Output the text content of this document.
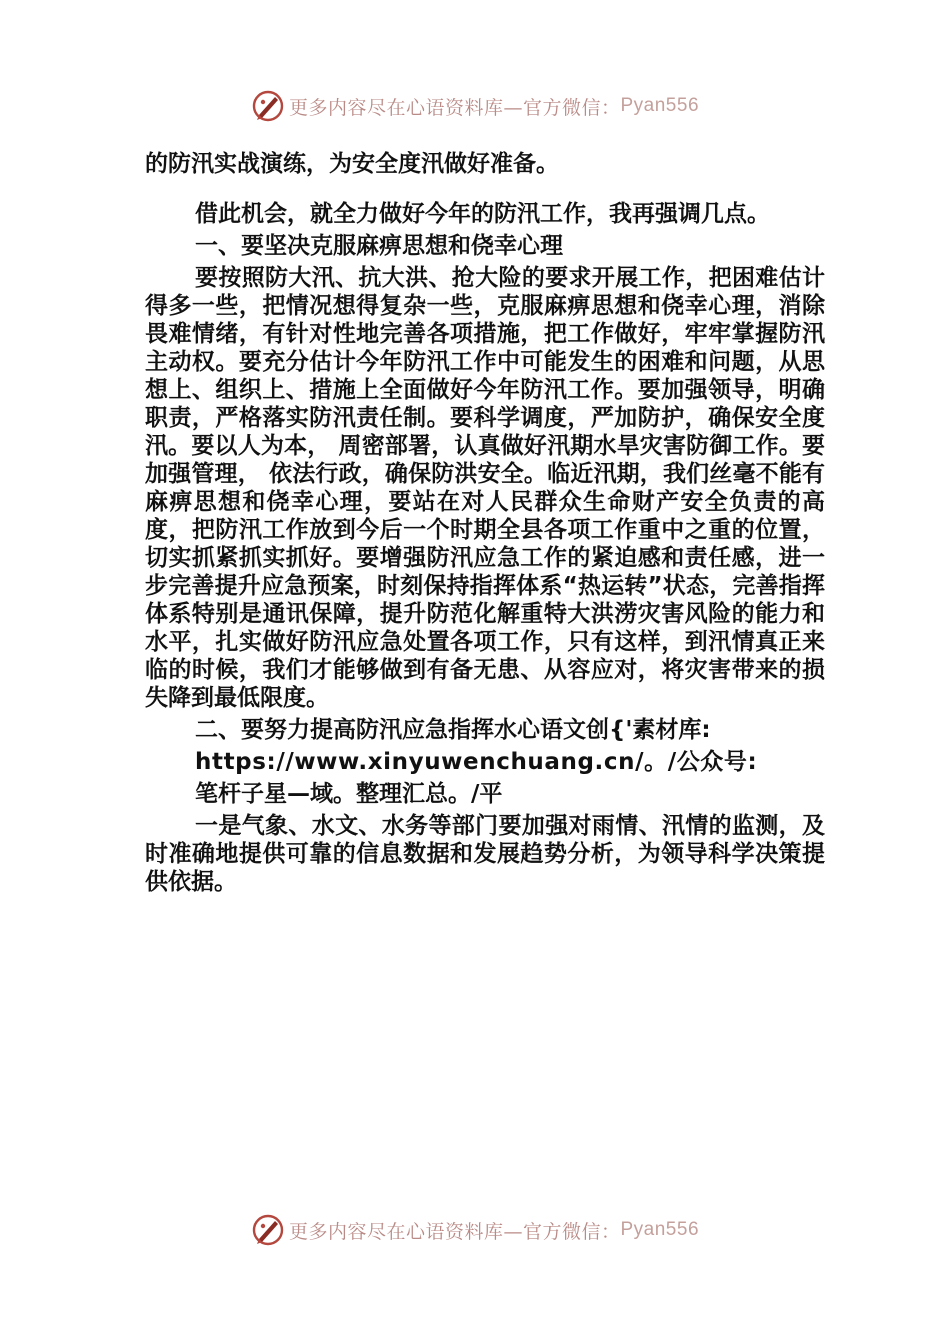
更多内容尽在心语资料库—官方微信： Pyan556

的防汛实战演练，为安全度汛做好准备。

借此机会，就全力做好今年的防汛工作，我再强调几点。

一、要坚决克服麻痹思想和侥幸心理

要按照防大汛、抗大洪、抢大险的要求开展工作，把困难估计得多一些，把情况想得复杂一些，克服麻痹思想和侥幸心理，消除畏难情绪，有针对性地完善各项措施，把工作做好，牢牢掌握防汛主动权。要充分估计今年防汛工作中可能发生的困难和问题，从思想上、组织上、措施上全面做好今年防汛工作。要加强领导，明确职责，严格落实防汛责任制。要科学调度，严加防护，确保安全度汛。要以人为本， 周密部署，认真做好汛期水旱灾害防御工作。要加强管理， 依法行政，确保防洪安全。临近汛期，我们丝毫不能有麻痹思想和侥幸心理，要站在对人民群众生命财产安全负责的高度，把防汛工作放到今后一个时期全县各项工作重中之重的位置，切实抓紧抓实抓好。要增强防汛应急工作的紧迫感和责任感，进一步完善提升应急预案，时刻保持指挥体系“热运转”状态，完善指挥体系特别是通讯保障，提升防范化解重特大洪涝灾害风险的能力和水平，扎实做好防汛应急处置各项工作，只有这样，到汛情真正来临的时候，我们才能够做到有备无患、从容应对，将灾害带来的损失降到最低限度。

二、要努力提高防汛应急指挥水心语文创{'素材库:

https://www.xinyuwenchuang.cn/。/公众号:

笔杆子星—域。整理汇总。/平

一是气象、水文、水务等部门要加强对雨情、汛情的监测，及时准确地提供可靠的信息数据和发展趋势分析，为领导科学决策提供依据。

更多内容尽在心语资料库—官方微信： Pyan556
